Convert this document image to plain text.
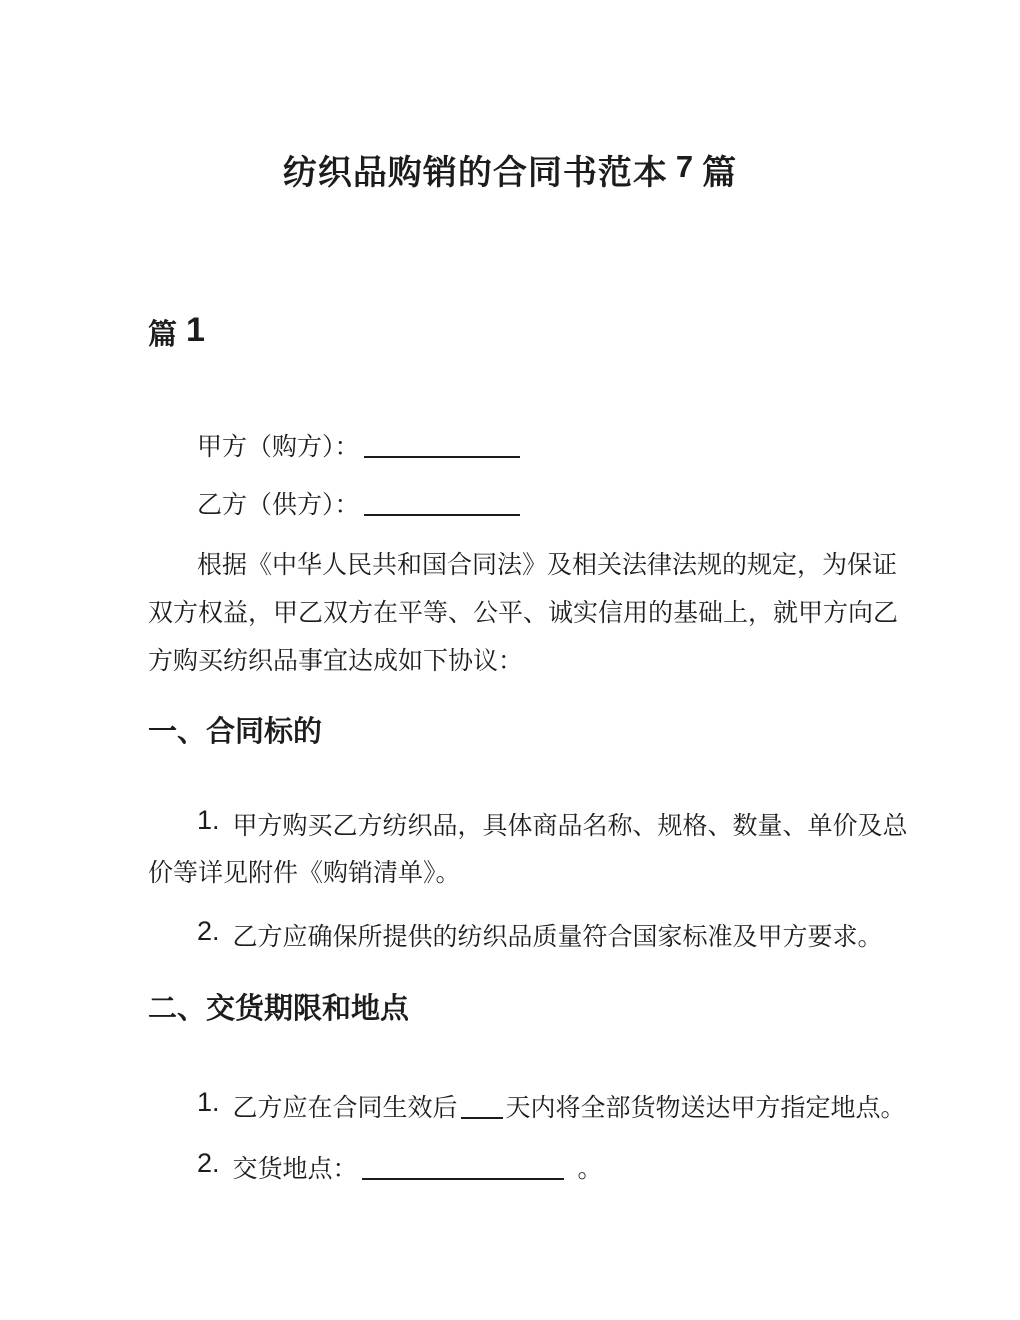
纺织品购销的合同书范本 7 篇
篇 1
甲方（购方）：
乙方（供方）：
根据《中华人民共和国合同法》及相关法律法规的规定，为保证
双方权益，甲乙双方在平等、公平、诚实信用的基础上，就甲方向乙
方购买纺织品事宜达成如下协议：
一、合同标的
1. 甲方购买乙方纺织品，具体商品名称、规格、数量、单价及总
价等详见附件《购销清单》。
2. 乙方应确保所提供的纺织品质量符合国家标准及甲方要求。
二、交货期限和地点
1. 乙方应在合同生效后 天内将全部货物送达甲方指定地点。
2. 交货地点：	。
